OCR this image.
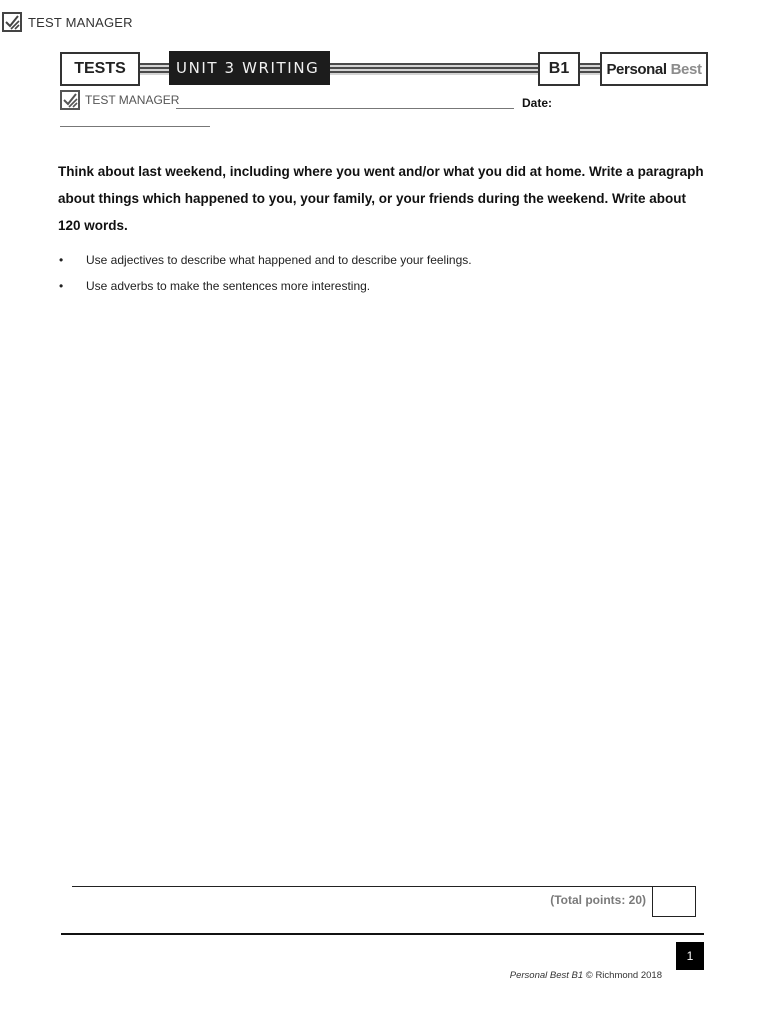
TEST MANAGER
TESTS	UNIT 3 WRITING	B1	Personal Best
TEST MANAGER	Date:
Think about last weekend, including where you went and/or what you did at home. Write a paragraph about things which happened to you, your family, or your friends during the weekend. Write about 120 words.
• Use adjectives to describe what happened and to describe your feelings.
• Use adverbs to make the sentences more interesting.
(Total points: 20)
1
Personal Best B1 © Richmond 2018
